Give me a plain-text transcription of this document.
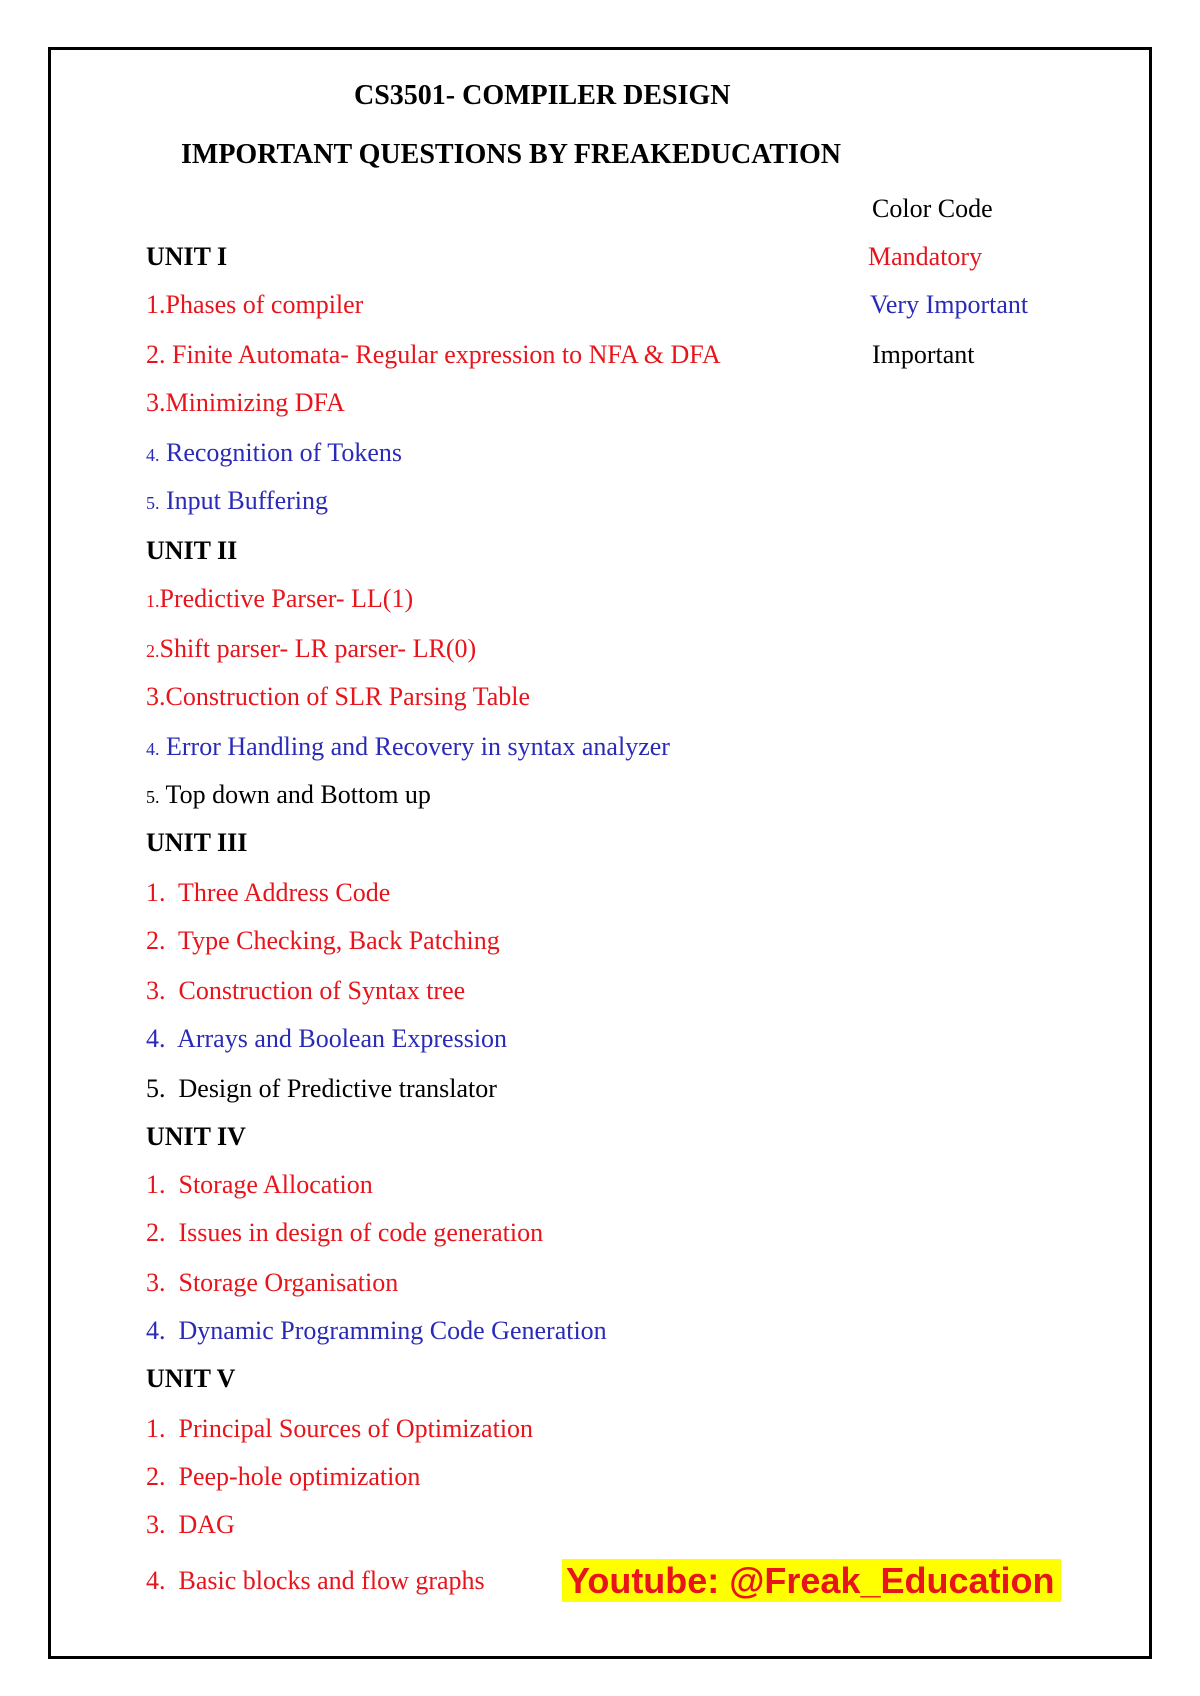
CS3501- COMPILER DESIGN
IMPORTANT QUESTIONS BY FREAKEDUCATION
Color Code
Mandatory
Very Important
Important
UNIT I
1.Phases of compiler
2. Finite Automata- Regular expression to NFA & DFA
3.Minimizing DFA
4. Recognition of Tokens
5. Input Buffering
UNIT II
1.Predictive Parser- LL(1)
2.Shift parser- LR parser- LR(0)
3.Construction of SLR Parsing Table
4. Error Handling and Recovery in syntax analyzer
5. Top down and Bottom up
UNIT III
1. Three Address Code
2. Type Checking, Back Patching
3. Construction of Syntax tree
4. Arrays and Boolean Expression
5. Design of Predictive translator
UNIT IV
1. Storage Allocation
2. Issues in design of code generation
3. Storage Organisation
4. Dynamic Programming Code Generation
UNIT V
1. Principal Sources of Optimization
2. Peep-hole optimization
3. DAG
4. Basic blocks and flow graphs Youtube: @Freak_Education
